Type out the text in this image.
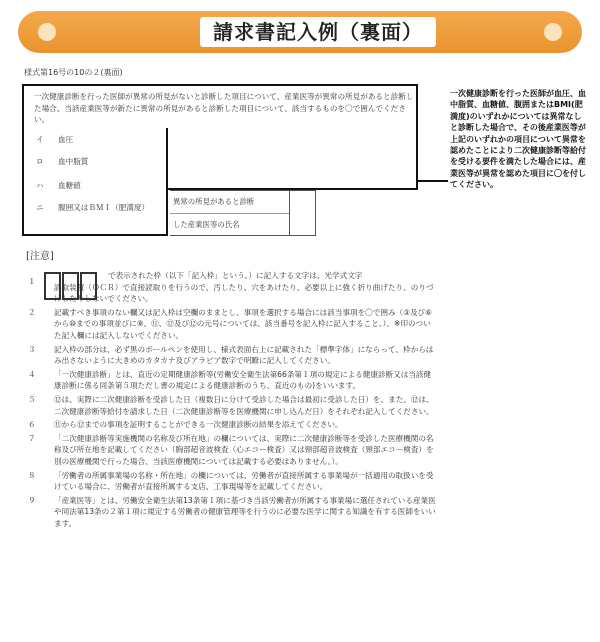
請求書記入例（裏面）
様式第16号の10の２(裏面)
異常の所見があると診断
した産業医等の氏名
一次健康診断を行った医師が異常の所見がないと診断した項目について、産業医等が異常の所見があると診断した場合、当該産業医等が新たに異常の所見があると診断した項目について、該当するものを〇で囲んでください。
イ 血圧
ロ 血中脂質
ハ 血糖値
ニ 腹囲又はＢＭＩ（肥満度）
一次健康診断を行った医師が血圧、血中脂質、血糖値、腹囲またはBMI(肥満度)のいずれかについては異常なしと診断した場合で、その後産業医等が上記のいずれかの項目について異常を認めたことにより二次健康診断等給付を受ける要件を満たした場合には、産業医等が異常を認めた項目に〇を付してください。
[注意]
１
で表示された枠（以下「記入枠」という。）に記入する文字は、光学式文字
読取装置（ＯＣＲ）で直接読取りを行うので、汚したり、穴をあけたり、必要以上に強く折り曲げたり、のりづけしたりしないでください。
２	記載すべき事項のない欄又は記入枠は空欄のままとし、事項を選択する場合には該当事項を〇で囲み（③及び⑥から⑩までの事項並びに⑨、⑪、⑫及び⑫の元号については、該当番号を記入枠に記入すること。）、※印のついた記入欄には記入しないでください。
３	記入枠の部分は、必ず黒のボールペンを使用し、様式表面右上に記載された「標準字体」にならって、枠からはみ出さないように大きめのカタカナ及びアラビア数字で明瞭に記入してください。
４	「一次健康診断」とは、直近の定期健康診断等(労働安全衛生法第66条第１項の規定による健康診断又は当該健康診断に係る同条第５項ただし書の規定による健康診断のうち、直近のもの)をいいます。
５	⑫は、実際に二次健康診断を受診した日（複数日に分けて受診した場合は最初に受診した日）を、また、⑫は、二次健康診断等給付を請求した日（二次健康診断等を医療機関に申し込んだ日）をそれぞれ記入してください。
６	⑪から⑫までの事項を証明することができる一次健康診断の結果を添えてください。
７	「二次健康診断等実施機関の名称及び所在地」の欄については、実際に二次健康診断等を受診した医療機関の名称及び所在地を記載してください（胸部超音波検査（心エコー検査）又は頸部超音波検査（頸部エコー検査）を別の医療機関で行った場合、当該医療機関については記載する必要はありません。）。
８	「労働者の所属事業場の名称・所在地」の欄については、労働者が直接所属する事業場が一括適用の取扱いを受けている場合に、労働者が直接所属する支店、工事現場等を記載してください。
９	「産業医等」とは、労働安全衛生法第13条第１項に基づき当該労働者が所属する事業場に選任されている産業医や同法第13条の２第１項に規定する労働者の健康管理等を行うのに必要な医学に関する知識を有する医師をいいます。
